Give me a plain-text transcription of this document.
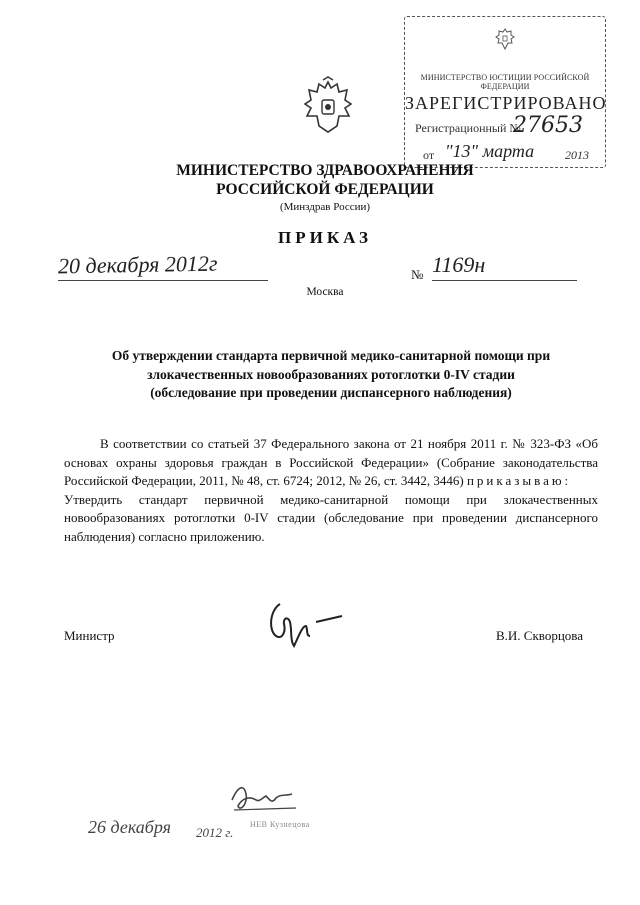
МИНИСТЕРСТВО ЮСТИЦИИ РОССИЙСКОЙ ФЕДЕРАЦИИ
ЗАРЕГИСТРИРОВАНО
Регистрационный №
27653
от "13" марта	2013
МИНИСТЕРСТВО ЗДРАВООХРАНЕНИЯ
РОССИЙСКОЙ ФЕДЕРАЦИИ
(Минздрав России)
ПРИКАЗ
20 декабря 2012г	№ 1169н
Москва
Об утверждении стандарта первичной медико-санитарной помощи при
злокачественных новообразованиях ротоглотки 0-IV стадии
(обследование при проведении диспансерного наблюдения)

В соответствии со статьей 37 Федерального закона от 21 ноября 2011 г. № 323-ФЗ «Об основах охраны здоровья граждан в Российской Федерации» (Собрание законодательства Российской Федерации, 2011, № 48, ст. 6724; 2012, № 26, ст. 3442, 3446) приказываю:

Утвердить стандарт первичной медико-санитарной помощи при злокачественных новообразованиях ротоглотки 0-IV стадии (обследование при проведении диспансерного наблюдения) согласно приложению.

Министр	В.И. Скворцова
26 декабря 2012 г.
НЕВ Кузнецова
